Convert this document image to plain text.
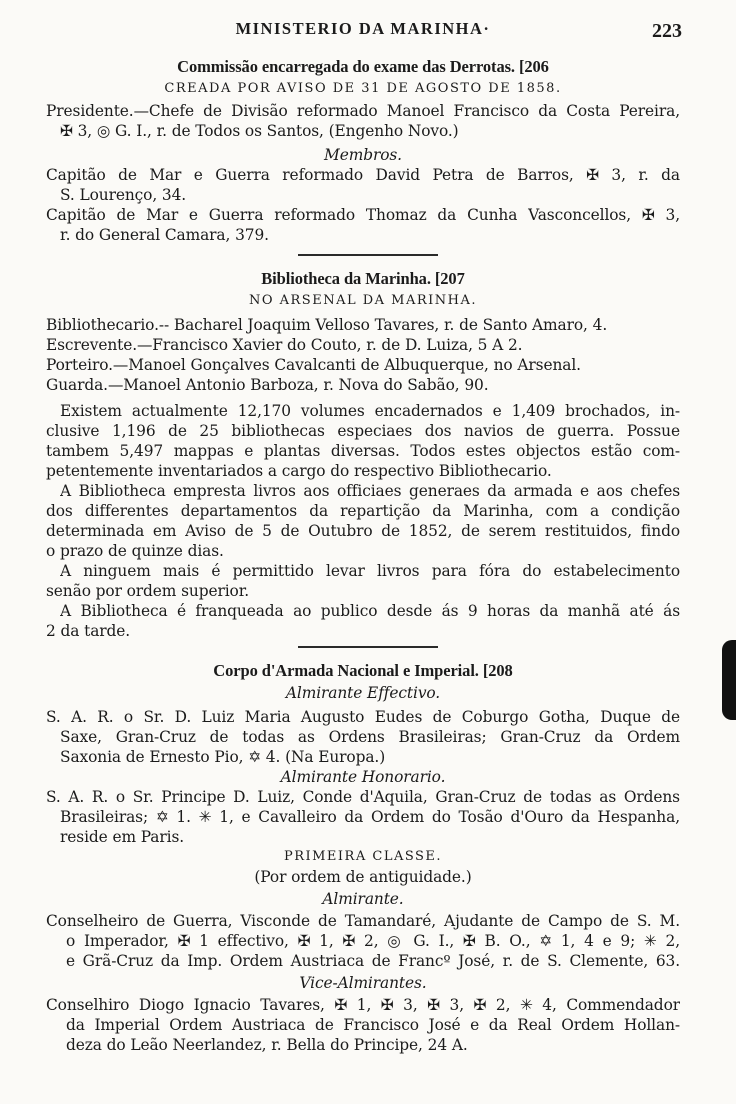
MINISTERIO DA MARINHA·	223
Commissão encarregada do exame das Derrotas. [206
CREADA POR AVISO DE 31 DE AGOSTO DE 1858.
Presidente.—Chefe de Divisão reformado Manoel Francisco da Costa Pereira,
✠ 3, ◎ G. I., r. de Todos os Santos, (Engenho Novo.)
Membros.
Capitão de Mar e Guerra reformado David Petra de Barros, ✠ 3, r. da
S. Lourenço, 34.
Capitão de Mar e Guerra reformado Thomaz da Cunha Vasconcellos, ✠ 3,
r. do General Camara, 379.
Bibliotheca da Marinha. [207
NO ARSENAL DA MARINHA.
Bibliothecario.-- Bacharel Joaquim Velloso Tavares, r. de Santo Amaro, 4.
Escrevente.—Francisco Xavier do Couto, r. de D. Luiza, 5 A 2.
Porteiro.—Manoel Gonçalves Cavalcanti de Albuquerque, no Arsenal.
Guarda.—Manoel Antonio Barboza, r. Nova do Sabão, 90.
Existem actualmente 12,170 volumes encadernados e 1,409 brochados, in-
clusive 1,196 de 25 bibliothecas especiaes dos navios de guerra. Possue
tambem 5,497 mappas e plantas diversas. Todos estes objectos estão com-
petentemente inventariados a cargo do respectivo Bibliothecario.
A Bibliotheca empresta livros aos officiaes generaes da armada e aos chefes
dos differentes departamentos da repartição da Marinha, com a condição
determinada em Aviso de 5 de Outubro de 1852, de serem restituidos, findo
o prazo de quinze dias.
A ninguem mais é permittido levar livros para fóra do estabelecimento
senão por ordem superior.
A Bibliotheca é franqueada ao publico desde ás 9 horas da manhã até ás
2 da tarde.
Corpo d'Armada Nacional e Imperial. [208
Almirante Effectivo.
S. A. R. o Sr. D. Luiz Maria Augusto Eudes de Coburgo Gotha, Duque de
Saxe, Gran-Cruz de todas as Ordens Brasileiras; Gran-Cruz da Ordem
Saxonia de Ernesto Pio, ✡ 4. (Na Europa.)
Almirante Honorario.
S. A. R. o Sr. Principe D. Luiz, Conde d'Aquila, Gran-Cruz de todas as Ordens
Brasileiras; ✡ 1. ✳ 1, e Cavalleiro da Ordem do Tosão d'Ouro da Hespanha,
reside em Paris.
PRIMEIRA CLASSE.
(Por ordem de antiguidade.)
Almirante.
Conselheiro de Guerra, Visconde de Tamandaré, Ajudante de Campo de S. M.
o Imperador, ✠ 1 effectivo, ✠ 1, ✠ 2, ◎ G. I., ✠ B. O., ✡ 1, 4 e 9; ✳ 2,
e Grã-Cruz da Imp. Ordem Austriaca de Francº José, r. de S. Clemente, 63.
Vice-Almirantes.
Conselhiro Diogo Ignacio Tavares, ✠ 1, ✠ 3, ✠ 3, ✠ 2, ✳ 4, Commendador
da Imperial Ordem Austriaca de Francisco José e da Real Ordem Hollan-
deza do Leão Neerlandez, r. Bella do Principe, 24 A.
